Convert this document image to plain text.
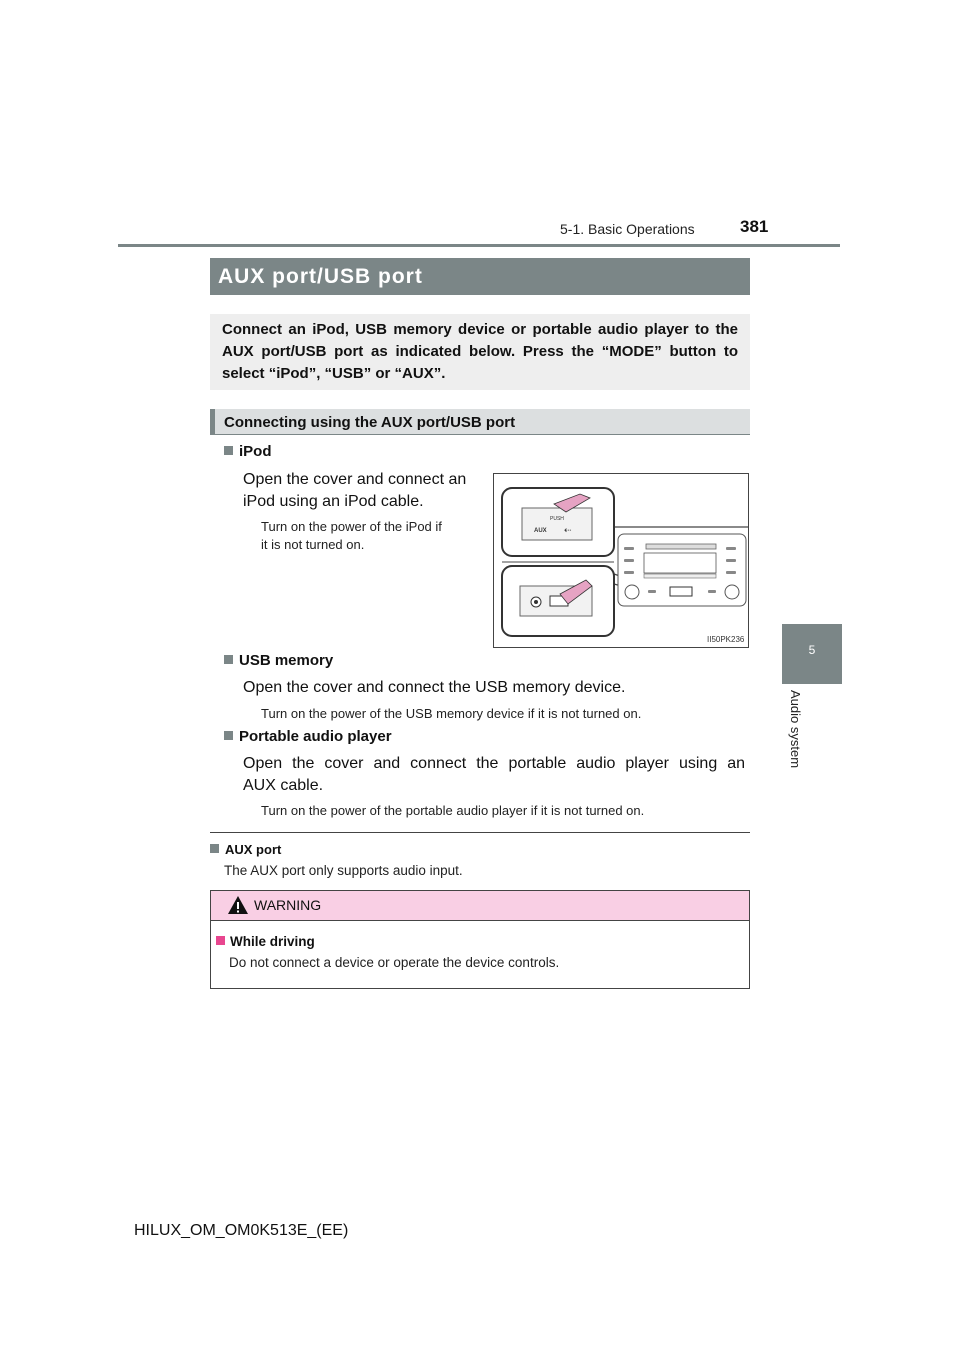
5-1. Basic Operations	381
5
Audio system
AUX port/USB port
Connect an iPod, USB memory device or portable audio player to the AUX port/USB port as indicated below. Press the “MODE” button to select “iPod”, “USB” or “AUX”.
Connecting using the AUX port/USB port
iPod
Open the cover and connect an
iPod using an iPod cable.
Turn on the power of the iPod if
it is not turned on.
PUSH
AUX ⇠
II50PK236
USB memory
Open the cover and connect the USB memory device.
Turn on the power of the USB memory device if it is not turned on.
Portable audio player
Open the cover and connect the portable audio player using an
AUX cable.
Turn on the power of the portable audio player if it is not turned on.
AUX port
The AUX port only supports audio input.
WARNING
While driving
Do not connect a device or operate the device controls.
HILUX_OM_OM0K513E_(EE)
